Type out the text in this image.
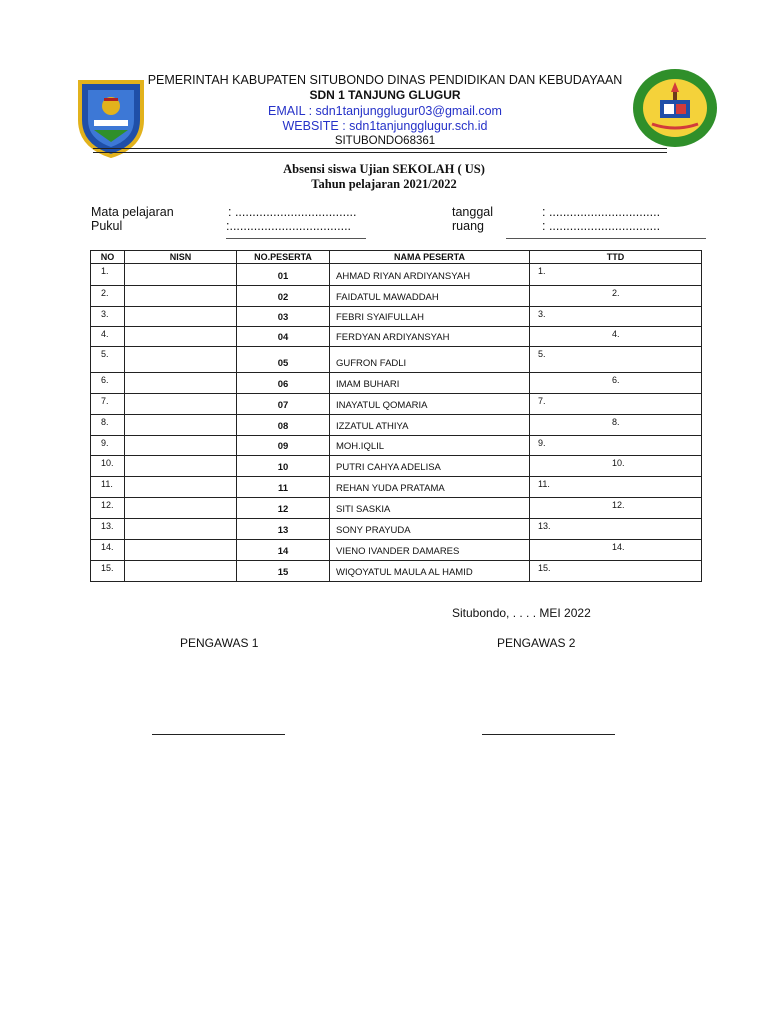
PEMERINTAH KABUPATEN SITUBONDO DINAS PENDIDIKAN DAN KEBUDAYAAN
SDN 1 TANJUNG GLUGUR
EMAIL : sdn1tanjungglugur03@gmail.com
WEBSITE : sdn1tanjungglugur.sch.id
SITUBONDO68361
Absensi siswa Ujian SEKOLAH ( US)
Tahun pelajaran 2021/2022
Mata pelajaran	: ...................................
Pukul	:...................................
tanggal	: ................................
ruang	: ................................
NO	NISN	NO.PESERTA	NAMA PESERTA	TTD
1.		01	AHMAD RIYAN ARDIYANSYAH	1.
2.		02	FAIDATUL MAWADDAH	2.
3.		03	FEBRI SYAIFULLAH	3.
4.		04	FERDYAN ARDIYANSYAH	4.
5.		05	GUFRON FADLI	5.
6.		06	IMAM BUHARI	6.
7.		07	INAYATUL QOMARIA	7.
8.		08	IZZATUL ATHIYA	8.
9.		09	MOH.IQLIL	9.
10.		10	PUTRI CAHYA ADELISA	10.
11.		11	REHAN YUDA PRATAMA	11.
12.		12	SITI SASKIA	12.
13.		13	SONY PRAYUDA	13.
14.		14	VIENO IVANDER DAMARES	14.
15.		15	WIQOYATUL MAULA AL HAMID	15.
Situbondo, . . . . MEI 2022
PENGAWAS 1	PENGAWAS 2
